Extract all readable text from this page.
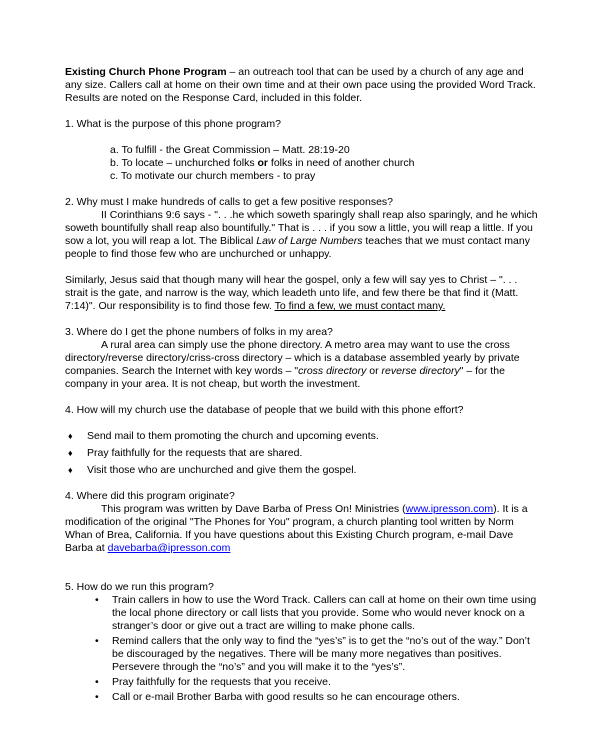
Existing Church Phone Program – an outreach tool that can be used by a church of any age and any size. Callers call at home on their own time and at their own pace using the provided Word Track. Results are noted on the Response Card, included in this folder.

1. What is the purpose of this phone program?

a. To fulfill - the Great Commission – Matt. 28:19-20
b. To locate – unchurched folks or folks in need of another church
c. To motivate our church members - to pray

2. Why must I make hundreds of calls to get a few positive responses?

II Corinthians 9:6 says - ". . .he which soweth sparingly shall reap also sparingly, and he which soweth bountifully shall reap also bountifully." That is . . . if you sow a little, you will reap a little. If you sow a lot, you will reap a lot. The Biblical Law of Large Numbers teaches that we must contact many people to find those few who are unchurched or unhappy.

Similarly, Jesus said that though many will hear the gospel, only a few will say yes to Christ – ". . . strait is the gate, and narrow is the way, which leadeth unto life, and few there be that find it (Matt. 7:14)". Our responsibility is to find those few. To find a few, we must contact many.

3. Where do I get the phone numbers of folks in my area?

A rural area can simply use the phone directory. A metro area may want to use the cross directory/reverse directory/criss-cross directory – which is a database assembled yearly by private companies. Search the Internet with key words – "cross directory or reverse directory" – for the company in your area. It is not cheap, but worth the investment.

4. How will my church use the database of people that we build with this phone effort?

♦	Send mail to them promoting the church and upcoming events.
♦	Pray faithfully for the requests that are shared.
♦	Visit those who are unchurched and give them the gospel.

4. Where did this program originate?

This program was written by Dave Barba of Press On! Ministries (www.ipresson.com). It is a modification of the original "The Phones for You" program, a church planting tool written by Norm Whan of Brea, California. If you have questions about this Existing Church program, e-mail Dave Barba at davebarba@ipresson.com

5. How do we run this program?

•	Train callers in how to use the Word Track. Callers can call at home on their own time using the local phone directory or call lists that you provide. Some who would never knock on a stranger’s door or give out a tract are willing to make phone calls.
•	Remind callers that the only way to find the “yes’s” is to get the “no’s out of the way.” Don’t be discouraged by the negatives. There will be many more negatives than positives. Persevere through the “no’s” and you will make it to the “yes’s”.
•	Pray faithfully for the requests that you receive.
•	Call or e-mail Brother Barba with good results so he can encourage others.
